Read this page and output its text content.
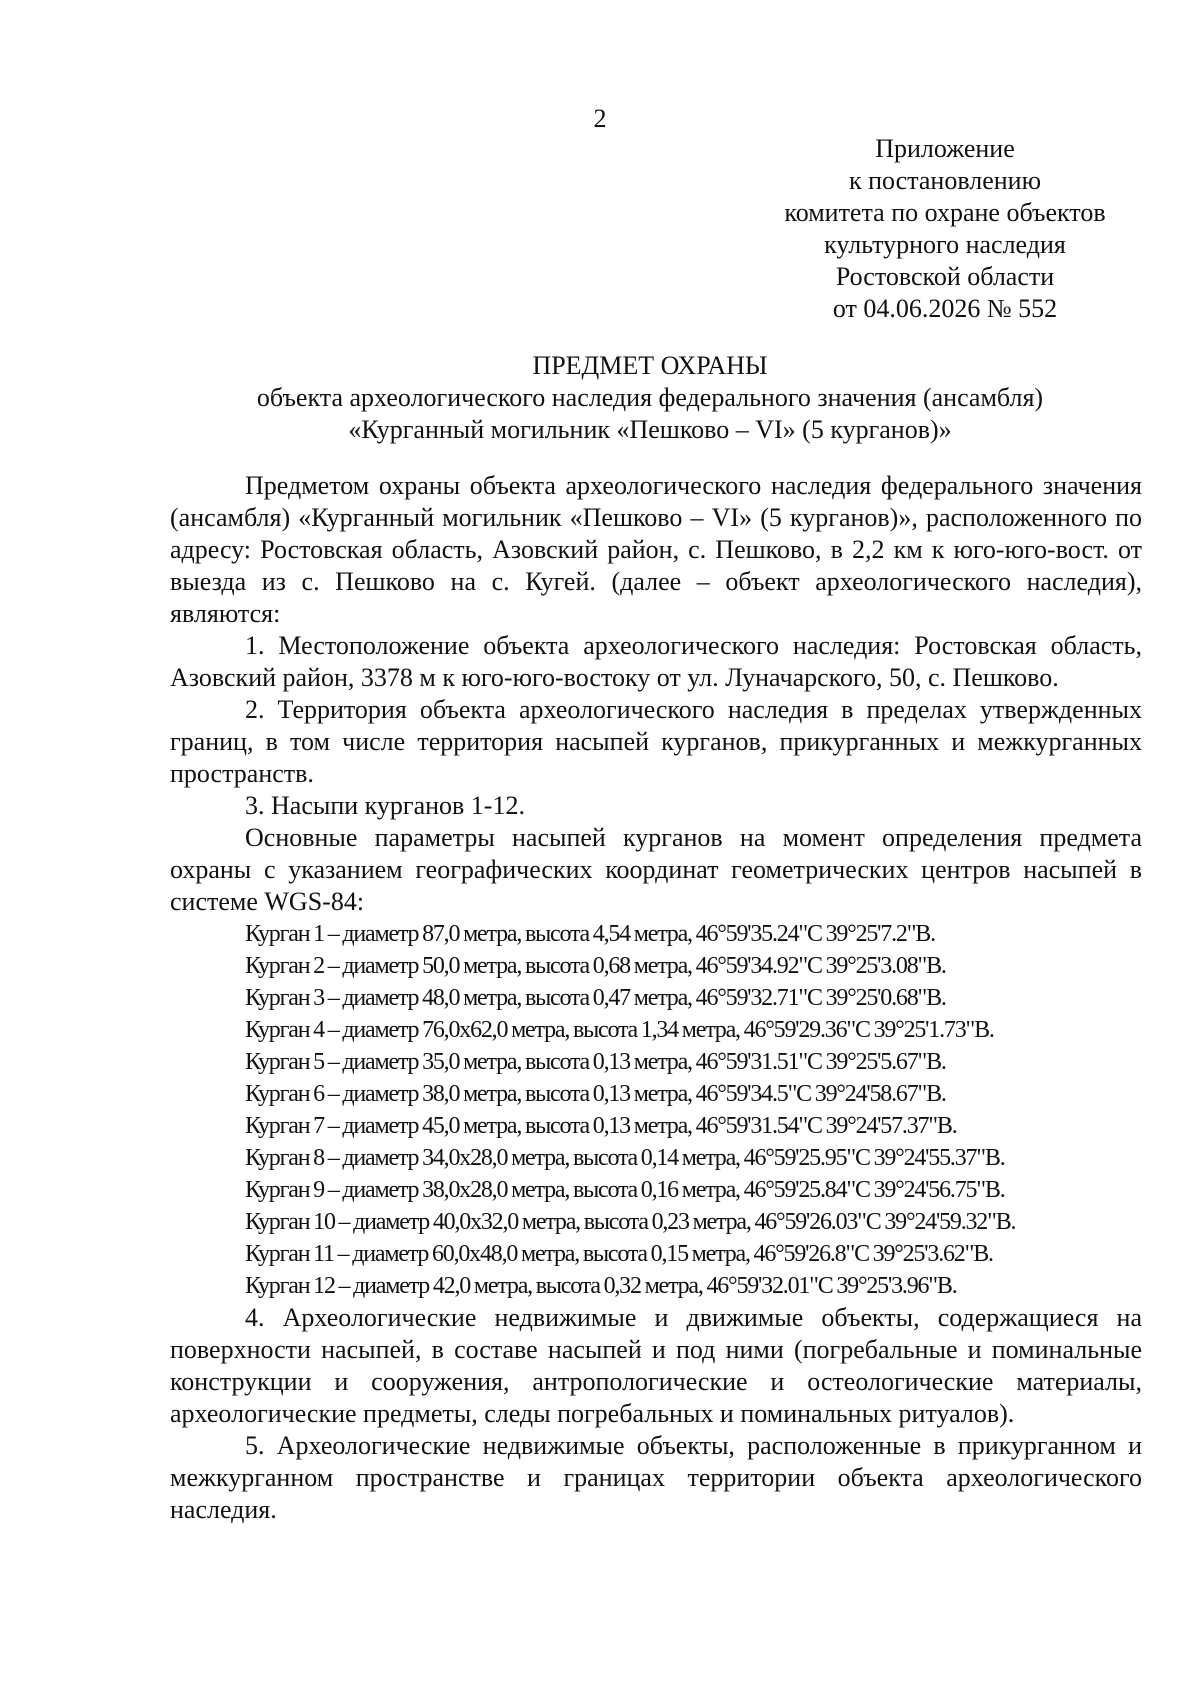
2
Приложение
к постановлению
комитета по охране объектов
культурного наследия
Ростовской области
от 04.06.2026 № 552
ПРЕДМЕТ ОХРАНЫ
объекта археологического наследия федерального значения (ансамбля)
«Курганный могильник «Пешково – VI» (5 курганов)»

Предметом охраны объекта археологического наследия федерального значения (ансамбля) «Курганный могильник «Пешково – VI» (5 курганов)», расположенного по адресу: Ростовская область, Азовский район, с. Пешково, в 2,2 км к юго-юго-вост. от выезда из с. Пешково на с. Кугей. (далее – объект археологического наследия), являются:

1. Местоположение объекта археологического наследия: Ростовская область, Азовский район, 3378 м к юго-юго-востоку от ул. Луначарского, 50, с. Пешково.

2. Территория объекта археологического наследия в пределах утвержденных границ, в том числе территория насыпей курганов, прикурганных и межкурганных пространств.

3. Насыпи курганов 1-12.

Основные параметры насыпей курганов на момент определения предмета охраны с указанием географических координат геометрических центров насыпей в системе WGS-84:

Курган 1 – диаметр 87,0 метра, высота 4,54 метра, 46°59'35.24"С 39°25'7.2"В.
Курган 2 – диаметр 50,0 метра, высота 0,68 метра, 46°59'34.92"С 39°25'3.08"В.
Курган 3 – диаметр 48,0 метра, высота 0,47 метра, 46°59'32.71"С 39°25'0.68"В.
Курган 4 – диаметр 76,0х62,0 метра, высота 1,34 метра, 46°59'29.36"С 39°25'1.73"В.
Курган 5 – диаметр 35,0 метра, высота 0,13 метра, 46°59'31.51"С 39°25'5.67"В.
Курган 6 – диаметр 38,0 метра, высота 0,13 метра, 46°59'34.5"С 39°24'58.67"В.
Курган 7 – диаметр 45,0 метра, высота 0,13 метра, 46°59'31.54"С 39°24'57.37"В.
Курган 8 – диаметр 34,0х28,0 метра, высота 0,14 метра, 46°59'25.95"С 39°24'55.37"В.
Курган 9 – диаметр 38,0х28,0 метра, высота 0,16 метра, 46°59'25.84"С 39°24'56.75"В.
Курган 10 – диаметр 40,0х32,0 метра, высота 0,23 метра, 46°59'26.03"С 39°24'59.32"В.
Курган 11 – диаметр 60,0х48,0 метра, высота 0,15 метра, 46°59'26.8"С 39°25'3.62"В.
Курган 12 – диаметр 42,0 метра, высота 0,32 метра, 46°59'32.01"С 39°25'3.96"В.

4. Археологические недвижимые и движимые объекты, содержащиеся на поверхности насыпей, в составе насыпей и под ними (погребальные и поминальные конструкции и сооружения, антропологические и остеологические материалы, археологические предметы, следы погребальных и поминальных ритуалов).

5. Археологические недвижимые объекты, расположенные в прикурганном и межкурганном пространстве и границах территории объекта археологического наследия.
